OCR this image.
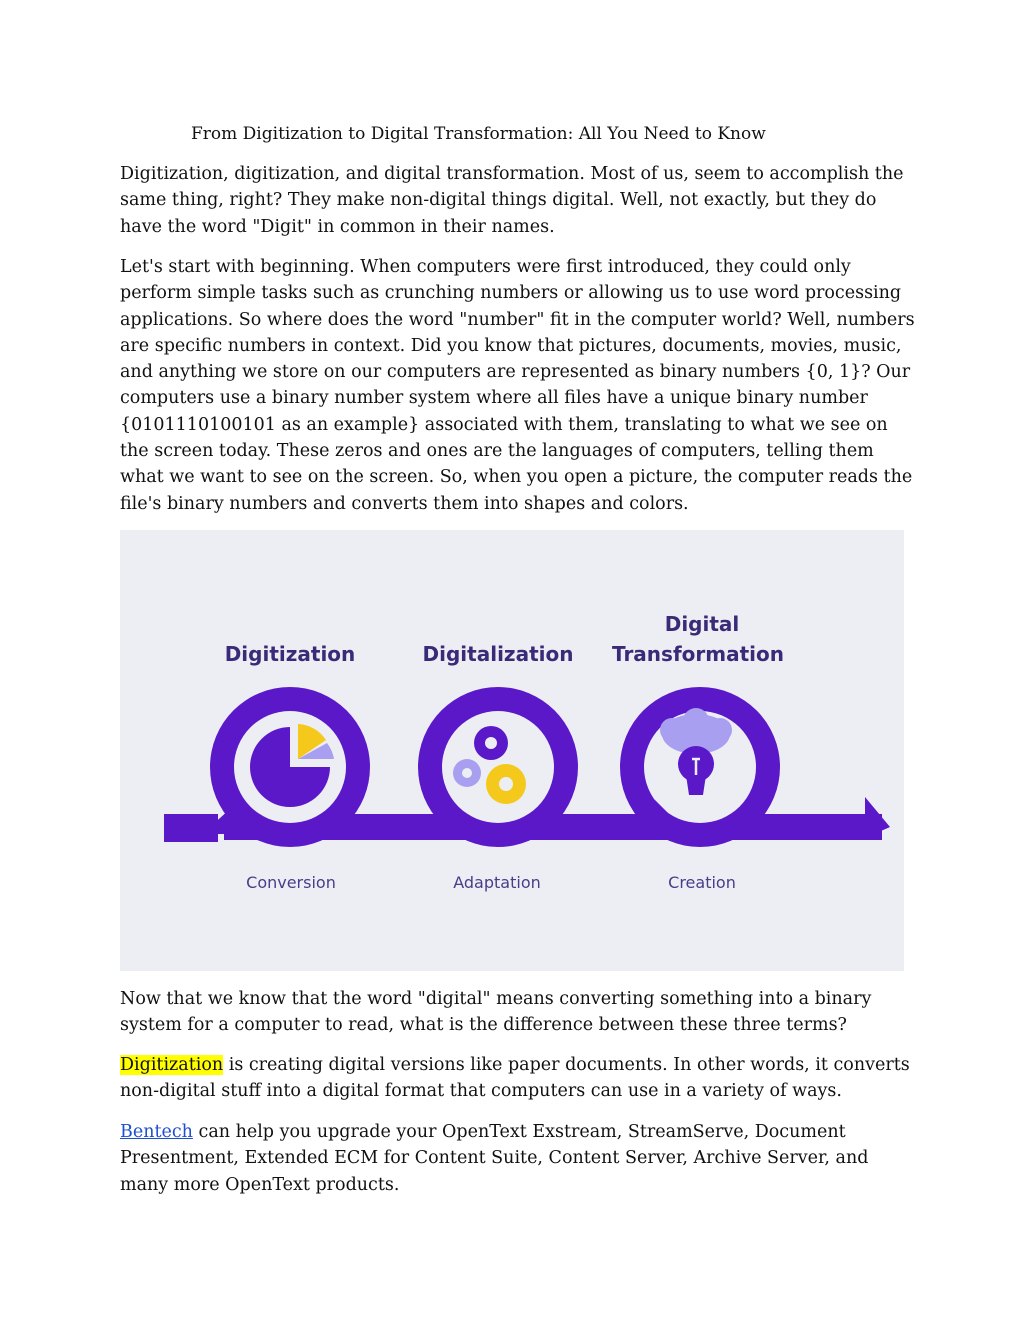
From Digitization to Digital Transformation: All You Need to Know

Digitization, digitization, and digital transformation. Most of us, seem to accomplish the same thing, right? They make non-digital things digital. Well, not exactly, but they do have the word "Digit" in common in their names.

Let's start with beginning. When computers were first introduced, they could only perform simple tasks such as crunching numbers or allowing us to use word processing applications. So where does the word "number" fit in the computer world? Well, numbers are specific numbers in context. Did you know that pictures, documents, movies, music, and anything we store on our computers are represented as binary numbers {0, 1}? Our computers use a binary number system where all files have a unique binary number {0101110100101 as an example} associated with them, translating to what we see on the screen today. These zeros and ones are the languages of computers, telling them what we want to see on the screen. So, when you open a picture, the computer reads the file's binary numbers and converts them into shapes and colors.

Digitization	Digitalization
Digital
Transformation
Conversion	Adaptation	Creation

Now that we know that the word "digital" means converting something into a binary system for a computer to read, what is the difference between these three terms?

Digitization is creating digital versions like paper documents. In other words, it converts non-digital stuff into a digital format that computers can use in a variety of ways.

Bentech can help you upgrade your OpenText Exstream, StreamServe, Document Presentment, Extended ECM for Content Suite, Content Server, Archive Server, and many more OpenText products.
